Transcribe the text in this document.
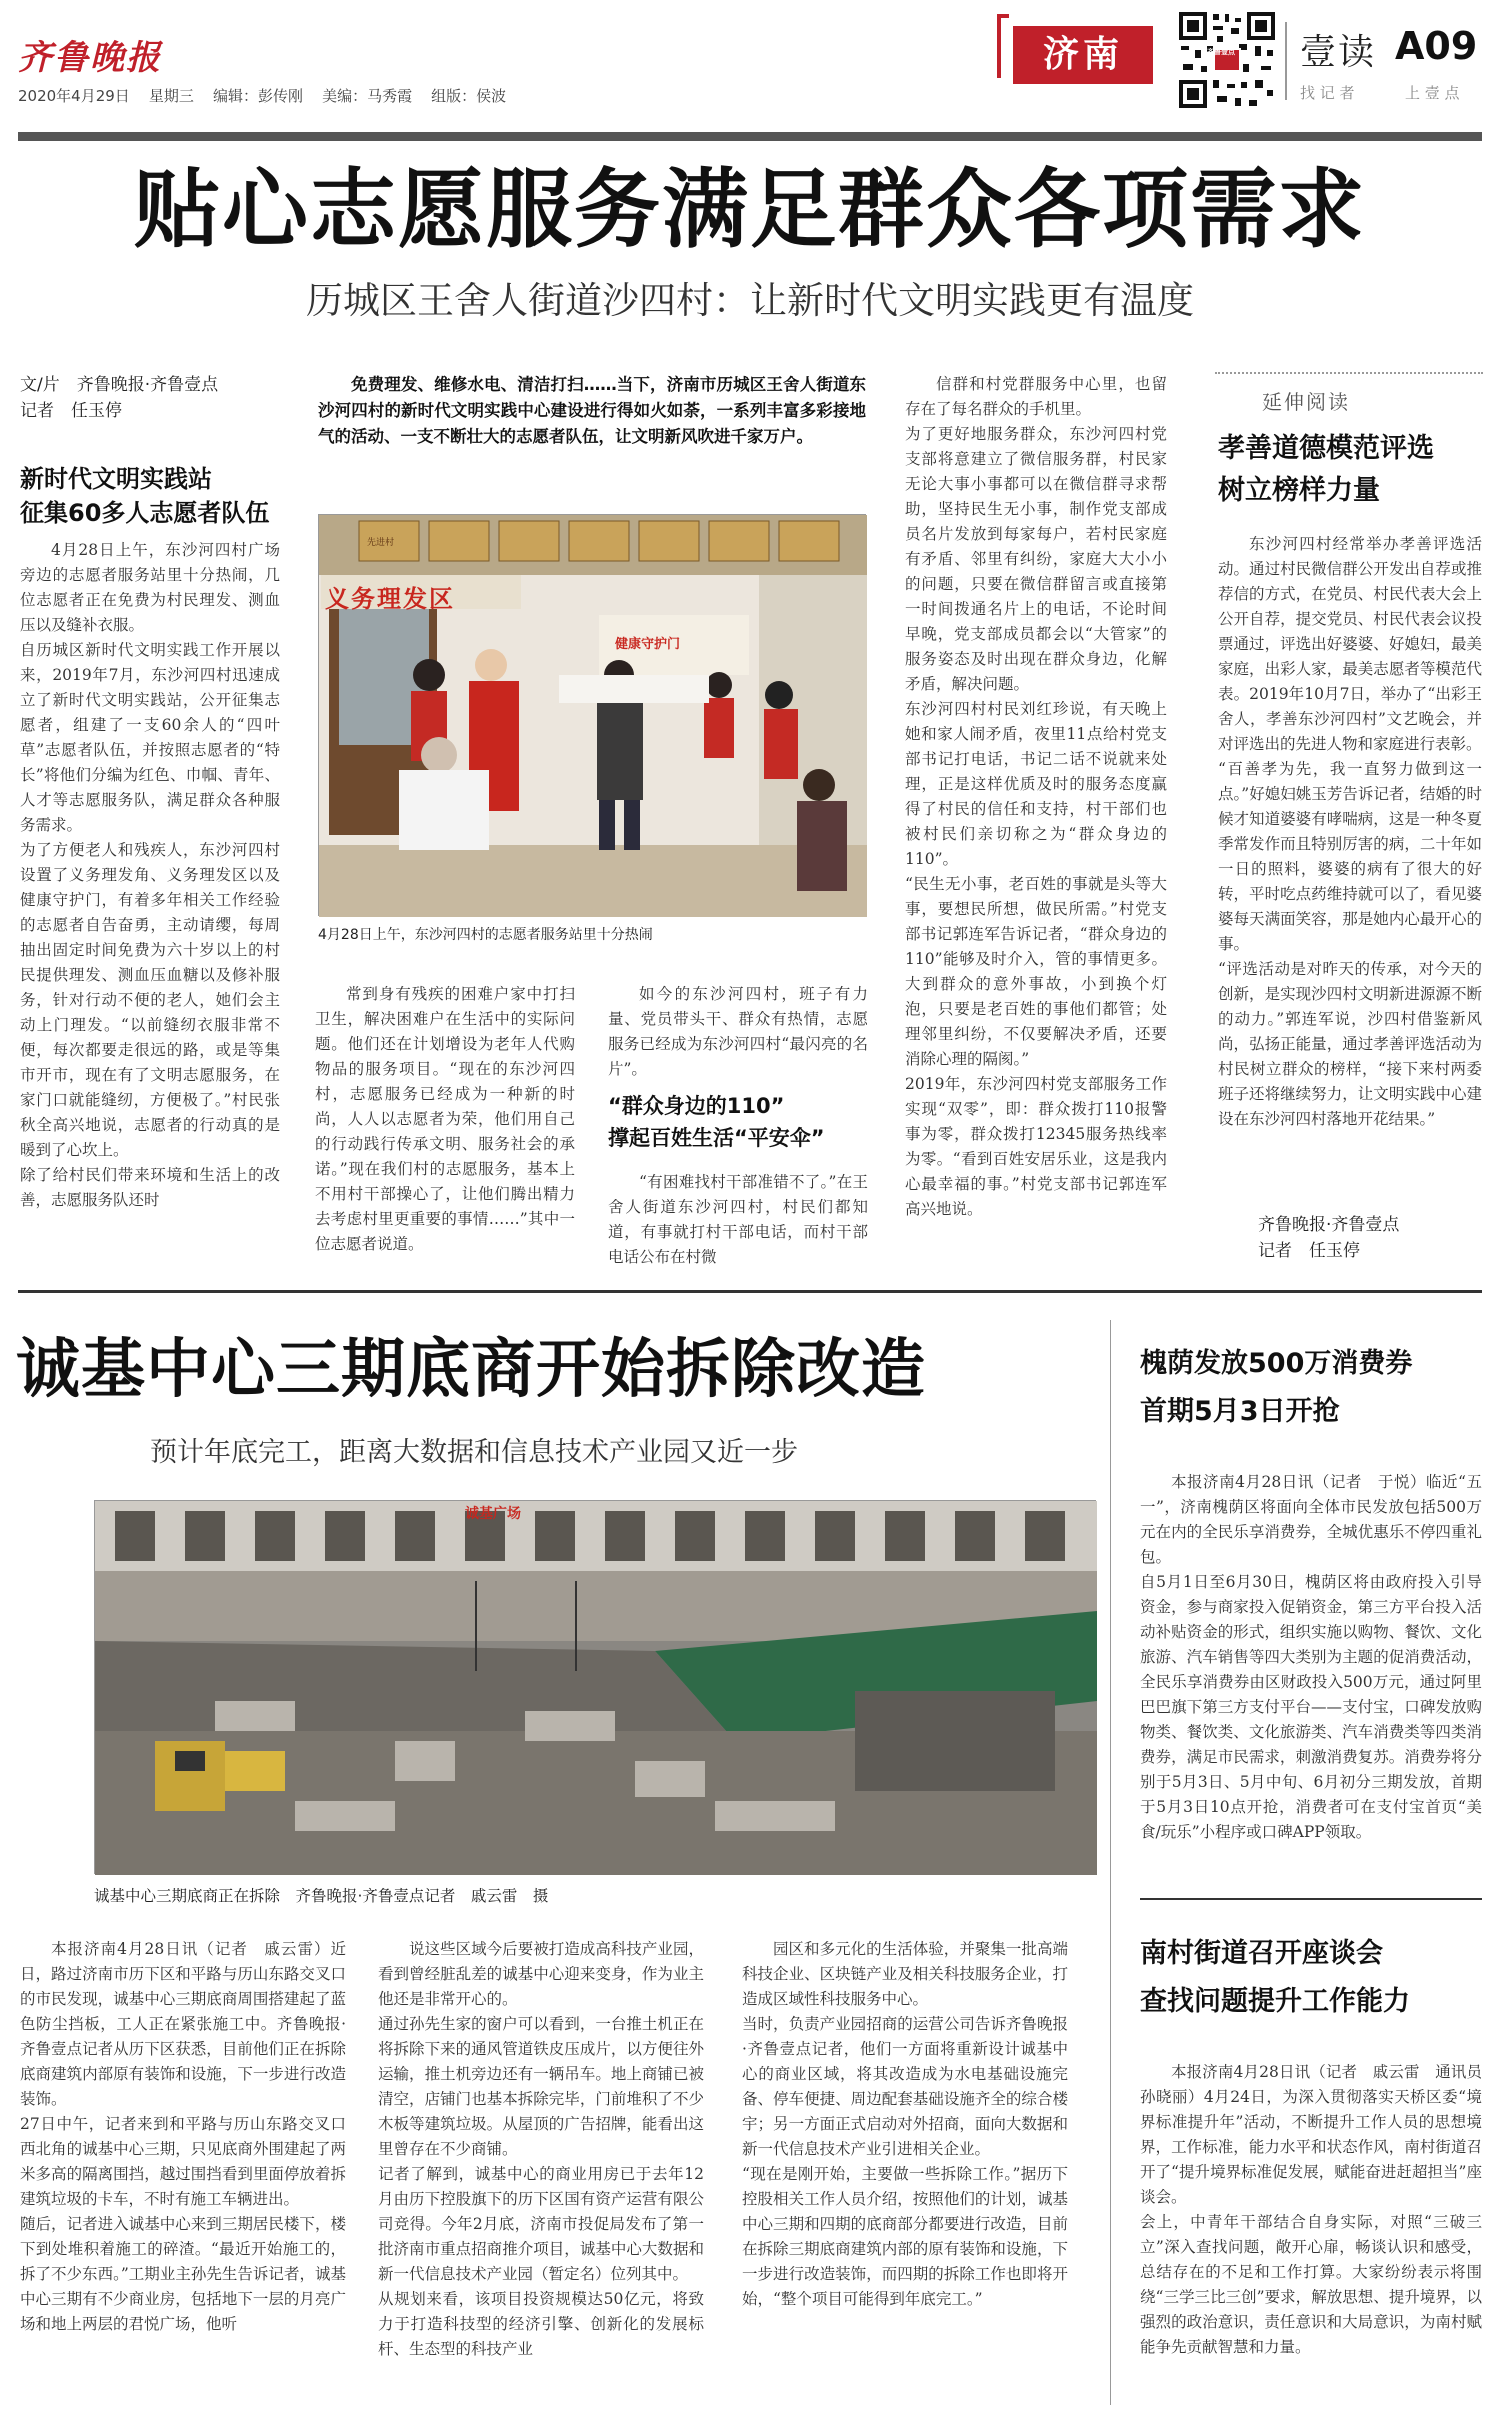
齐鲁晚报
2020年4月29日 星期三 编辑：彭传刚 美编：马秀霞 组版：侯波
济南	齐鲁壹点 壹读 A09
找 记 者	上 壹 点
贴心志愿服务满足群众各项需求
历城区王舍人街道沙四村：让新时代文明实践更有温度
文/片　齐鲁晚报·齐鲁壹点
记者　任玉停
新时代文明实践站
征集60多人志愿者队伍
4月28日上午，东沙河四村广场旁边的志愿者服务站里十分热闹，几位志愿者正在免费为村民理发、测血压以及缝补衣服。
自历城区新时代文明实践工作开展以来，2019年7月，东沙河四村迅速成立了新时代文明实践站，公开征集志愿者，组建了一支60余人的“四叶草”志愿者队伍，并按照志愿者的“特长”将他们分编为红色、巾帼、青年、人才等志愿服务队，满足群众各种服务需求。
为了方便老人和残疾人，东沙河四村设置了义务理发角、义务理发区以及健康守护门，有着多年相关工作经验的志愿者自告奋勇，主动请缨，每周抽出固定时间免费为六十岁以上的村民提供理发、测血压血糖以及修补服务，针对行动不便的老人，她们会主动上门理发。“以前缝纫衣服非常不便，每次都要走很远的路，或是等集市开市，现在有了文明志愿服务，在家门口就能缝纫，方便极了。”村民张秋全高兴地说，志愿者的行动真的是暖到了心坎上。
除了给村民们带来环境和生活上的改善，志愿服务队还时
免费理发、维修水电、清洁打扫……当下，济南市历城区王舍人街道东沙河四村的新时代文明实践中心建设进行得如火如荼，一系列丰富多彩接地气的活动、一支不断壮大的志愿者队伍，让文明新风吹进千家万户。
先进村
义务理发区
健康守护门
4月28日上午，东沙河四村的志愿者服务站里十分热闹
常到身有残疾的困难户家中打扫卫生，解决困难户在生活中的实际问题。他们还在计划增设为老年人代购物品的服务项目。“现在的东沙河四村，志愿服务已经成为一种新的时尚，人人以志愿者为荣，他们用自己的行动践行传承文明、服务社会的承诺。”现在我们村的志愿服务，基本上不用村干部操心了，让他们腾出精力去考虑村里更重要的事情……”其中一位志愿者说道。
如今的东沙河四村，班子有力量、党员带头干、群众有热情，志愿服务已经成为东沙河四村“最闪亮的名片”。
“群众身边的110”
撑起百姓生活“平安伞”
“有困难找村干部准错不了。”在王舍人街道东沙河四村，村民们都知道，有事就打村干部电话，而村干部电话公布在村微
信群和村党群服务中心里，也留存在了每名群众的手机里。
为了更好地服务群众，东沙河四村党支部将意建立了微信服务群，村民家无论大事小事都可以在微信群寻求帮助，坚持民生无小事，制作党支部成员名片发放到每家每户，若村民家庭有矛盾、邻里有纠纷，家庭大大小小的问题，只要在微信群留言或直接第一时间拨通名片上的电话，不论时间早晚，党支部成员都会以“大管家”的服务姿态及时出现在群众身边，化解矛盾，解决问题。
东沙河四村村民刘红珍说，有天晚上她和家人闹矛盾，夜里11点给村党支部书记打电话，书记二话不说就来处理，正是这样优质及时的服务态度赢得了村民的信任和支持，村干部们也被村民们亲切称之为“群众身边的110”。
“民生无小事，老百姓的事就是头等大事，要想民所想，做民所需。”村党支部书记郭连军告诉记者，“群众身边的110”能够及时介入，管的事情更多。大到群众的意外事故，小到换个灯泡，只要是老百姓的事他们都管；处理邻里纠纷，不仅要解决矛盾，还要消除心理的隔阂。”
2019年，东沙河四村党支部服务工作实现“双零”，即：群众拨打110报警事为零，群众拨打12345服务热线率为零。“看到百姓安居乐业，这是我内心最幸福的事。”村党支部书记郭连军高兴地说。
延伸阅读
孝善道德模范评选
树立榜样力量
东沙河四村经常举办孝善评选活动。通过村民微信群公开发出自荐或推荐信的方式，在党员、村民代表大会上公开自荐，提交党员、村民代表会议投票通过，评选出好婆婆、好媳妇，最美家庭，出彩人家，最美志愿者等模范代表。2019年10月7日，举办了“出彩王舍人，孝善东沙河四村”文艺晚会，并对评选出的先进人物和家庭进行表彰。
“百善孝为先，我一直努力做到这一点。”好媳妇姚玉芳告诉记者，结婚的时候才知道婆婆有哮喘病，这是一种冬夏季常发作而且特别厉害的病，二十年如一日的照料，婆婆的病有了很大的好转，平时吃点药维持就可以了，看见婆婆每天满面笑容，那是她内心最开心的事。
“评选活动是对昨天的传承，对今天的创新，是实现沙四村文明新进源源不断的动力。”郭连军说，沙四村借鉴新风尚，弘扬正能量，通过孝善评选活动为村民树立群众的榜样，“接下来村两委班子还将继续努力，让文明实践中心建设在东沙河四村落地开花结果。”
齐鲁晚报·齐鲁壹点
记者　任玉停
诚基中心三期底商开始拆除改造
预计年底完工，距离大数据和信息技术产业园又近一步
诚基广场
诚基中心三期底商正在拆除　齐鲁晚报·齐鲁壹点记者　戚云雷　摄
本报济南4月28日讯（记者　戚云雷）近日，路过济南市历下区和平路与历山东路交叉口的市民发现，诚基中心三期底商周围搭建起了蓝色防尘挡板，工人正在紧张施工中。齐鲁晚报·齐鲁壹点记者从历下区获悉，目前他们正在拆除底商建筑内部原有装饰和设施，下一步进行改造装饰。
27日中午，记者来到和平路与历山东路交叉口西北角的诚基中心三期，只见底商外围建起了两米多高的隔离围挡，越过围挡看到里面停放着拆建筑垃圾的卡车，不时有施工车辆进出。
随后，记者进入诚基中心来到三期居民楼下，楼下到处堆积着施工的碎渣。“最近开始施工的，拆了不少东西。”工期业主孙先生告诉记者，诚基中心三期有不少商业房，包括地下一层的月亮广场和地上两层的君悦广场，他听
说这些区域今后要被打造成高科技产业园，看到曾经脏乱差的诚基中心迎来变身，作为业主他还是非常开心的。
通过孙先生家的窗户可以看到，一台推土机正在将拆除下来的通风管道铁皮压成片，以方便往外运输，推土机旁边还有一辆吊车。地上商铺已被清空，店铺门也基本拆除完毕，门前堆积了不少木板等建筑垃圾。从屋顶的广告招牌，能看出这里曾存在不少商铺。
记者了解到，诚基中心的商业用房已于去年12月由历下控股旗下的历下区国有资产运营有限公司竞得。今年2月底，济南市投促局发布了第一批济南市重点招商推介项目，诚基中心大数据和新一代信息技术产业园（暂定名）位列其中。
从规划来看，该项目投资规模达50亿元，将致力于打造科技型的经济引擎、创新化的发展标杆、生态型的科技产业
园区和多元化的生活体验，并聚集一批高端科技企业、区块链产业及相关科技服务企业，打造成区域性科技服务中心。
当时，负责产业园招商的运营公司告诉齐鲁晚报·齐鲁壹点记者，他们一方面将重新设计诚基中心的商业区域，将其改造成为水电基础设施完备、停车便捷、周边配套基础设施齐全的综合楼宇；另一方面正式启动对外招商，面向大数据和新一代信息技术产业引进相关企业。
“现在是刚开始，主要做一些拆除工作。”据历下控股相关工作人员介绍，按照他们的计划，诚基中心三期和四期的底商部分都要进行改造，目前在拆除三期底商建筑内部的原有装饰和设施，下一步进行改造装饰，而四期的拆除工作也即将开始，“整个项目可能得到年底完工。”
槐荫发放500万消费券
首期5月3日开抢
本报济南4月28日讯（记者　于悦）临近“五一”，济南槐荫区将面向全体市民发放包括500万元在内的全民乐享消费券，全城优惠乐不停四重礼包。
自5月1日至6月30日，槐荫区将由政府投入引导资金，参与商家投入促销资金，第三方平台投入活动补贴资金的形式，组织实施以购物、餐饮、文化旅游、汽车销售等四大类别为主题的促消费活动，全民乐享消费券由区财政投入500万元，通过阿里巴巴旗下第三方支付平台——支付宝，口碑发放购物类、餐饮类、文化旅游类、汽车消费类等四类消费券，满足市民需求，刺激消费复苏。消费券将分别于5月3日、5月中旬、6月初分三期发放，首期于5月3日10点开抢，消费者可在支付宝首页“美食/玩乐”小程序或口碑APP领取。
南村街道召开座谈会
查找问题提升工作能力
本报济南4月28日讯（记者　戚云雷　通讯员　孙晓丽）4月24日，为深入贯彻落实天桥区委“境界标准提升年”活动，不断提升工作人员的思想境界，工作标准，能力水平和状态作风，南村街道召开了“提升境界标准促发展，赋能奋进赶超担当”座谈会。
会上，中青年干部结合自身实际，对照“三破三立”深入查找问题，敞开心扉，畅谈认识和感受，总结存在的不足和工作打算。大家纷纷表示将围绕“三学三比三创”要求，解放思想、提升境界，以强烈的政治意识，责任意识和大局意识，为南村赋能争先贡献智慧和力量。
